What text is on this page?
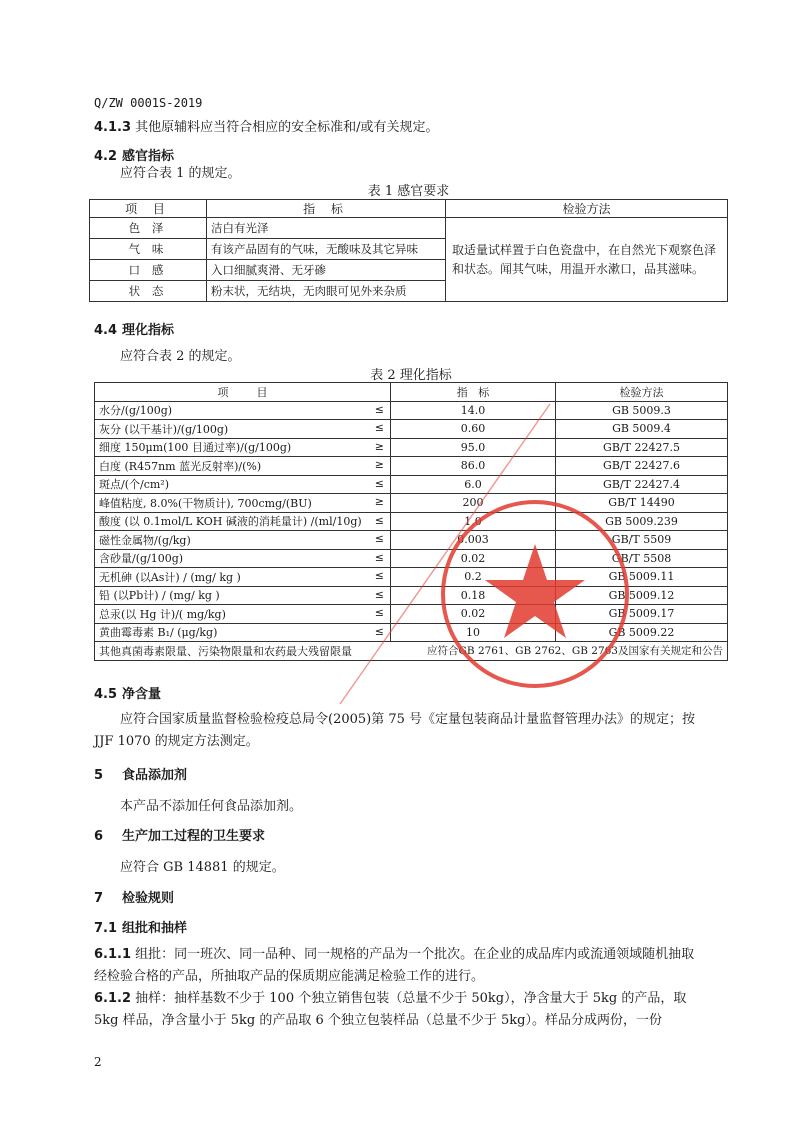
Q/ZW 0001S-2019
4.1.3 其他原辅料应当符合相应的安全标准和/或有关规定。
4.2 感官指标
应符合表 1 的规定。
表 1 感官要求
项 目	指 标	检验方法
色 泽	洁白有光泽	取适量试样置于白色瓷盘中，在自然光下观察色泽和状态。闻其气味，用温开水漱口，品其滋味。
气 味	有该产品固有的气味，无酸味及其它异味	
口 感	入口细腻爽滑、无牙碜	
状 态	粉末状，无结块，无肉眼可见外来杂质	
4.4 理化指标
应符合表 2 的规定。
表 2 理化指标
项        目	指   标	检验方法
水分/(g/100g) ≤	14.0	GB 5009.3
灰分 (以干基计)/(g/100g) ≤	0.60	GB 5009.4
细度 150μm(100 目通过率)/(g/100g) ≥	95.0	GB/T 22427.5
白度 (R457nm 蓝光反射率)/(%) ≥	86.0	GB/T 22427.6
斑点/(个/cm²) ≤	6.0	GB/T 22427.4
峰值粘度, 8.0%(干物质计), 700cmg/(BU) ≥	200	GB/T 14490
酸度 (以 0.1mol/L KOH 碱液的消耗量计) /(ml/10g) ≤	1.0	GB 5009.239
磁性金属物/(g/kg) ≤	0.003	GB/T 5509
含砂量/(g/100g) ≤	0.02	GB/T 5508
无机砷 (以As计) / (mg/ kg ) ≤	0.2	GB 5009.11
铅 (以Pb计) / (mg/ kg ) ≤	0.18	GB 5009.12
总汞(以 Hg 计)/( mg/kg) ≤	0.02	GB 5009.17
黄曲霉毒素 B₁/ (μg/kg) ≤	10	GB 5009.22
其他真菌毒素限量、污染物限量和农药最大残留限量	应符合GB 2761、GB 2762、GB 2763及国家有关规定和公告	
4.5 净含量
应符合国家质量监督检验检疫总局令(2005)第 75 号《定量包装商品计量监督管理办法》的规定；按 JJF 1070 的规定方法测定。
5 食品添加剂
本产品不添加任何食品添加剂。
6 生产加工过程的卫生要求
应符合 GB 14881 的规定。
7 检验规则
7.1 组批和抽样
6.1.1 组批：同一班次、同一品种、同一规格的产品为一个批次。在企业的成品库内或流通领域随机抽取经检验合格的产品，所抽取产品的保质期应能满足检验工作的进行。
6.1.2 抽样：抽样基数不少于 100 个独立销售包装（总量不少于 50kg），净含量大于 5kg 的产品，取 5kg 样品，净含量小于 5kg 的产品取 6 个独立包装样品（总量不少于 5kg）。样品分成两份，一份
2
